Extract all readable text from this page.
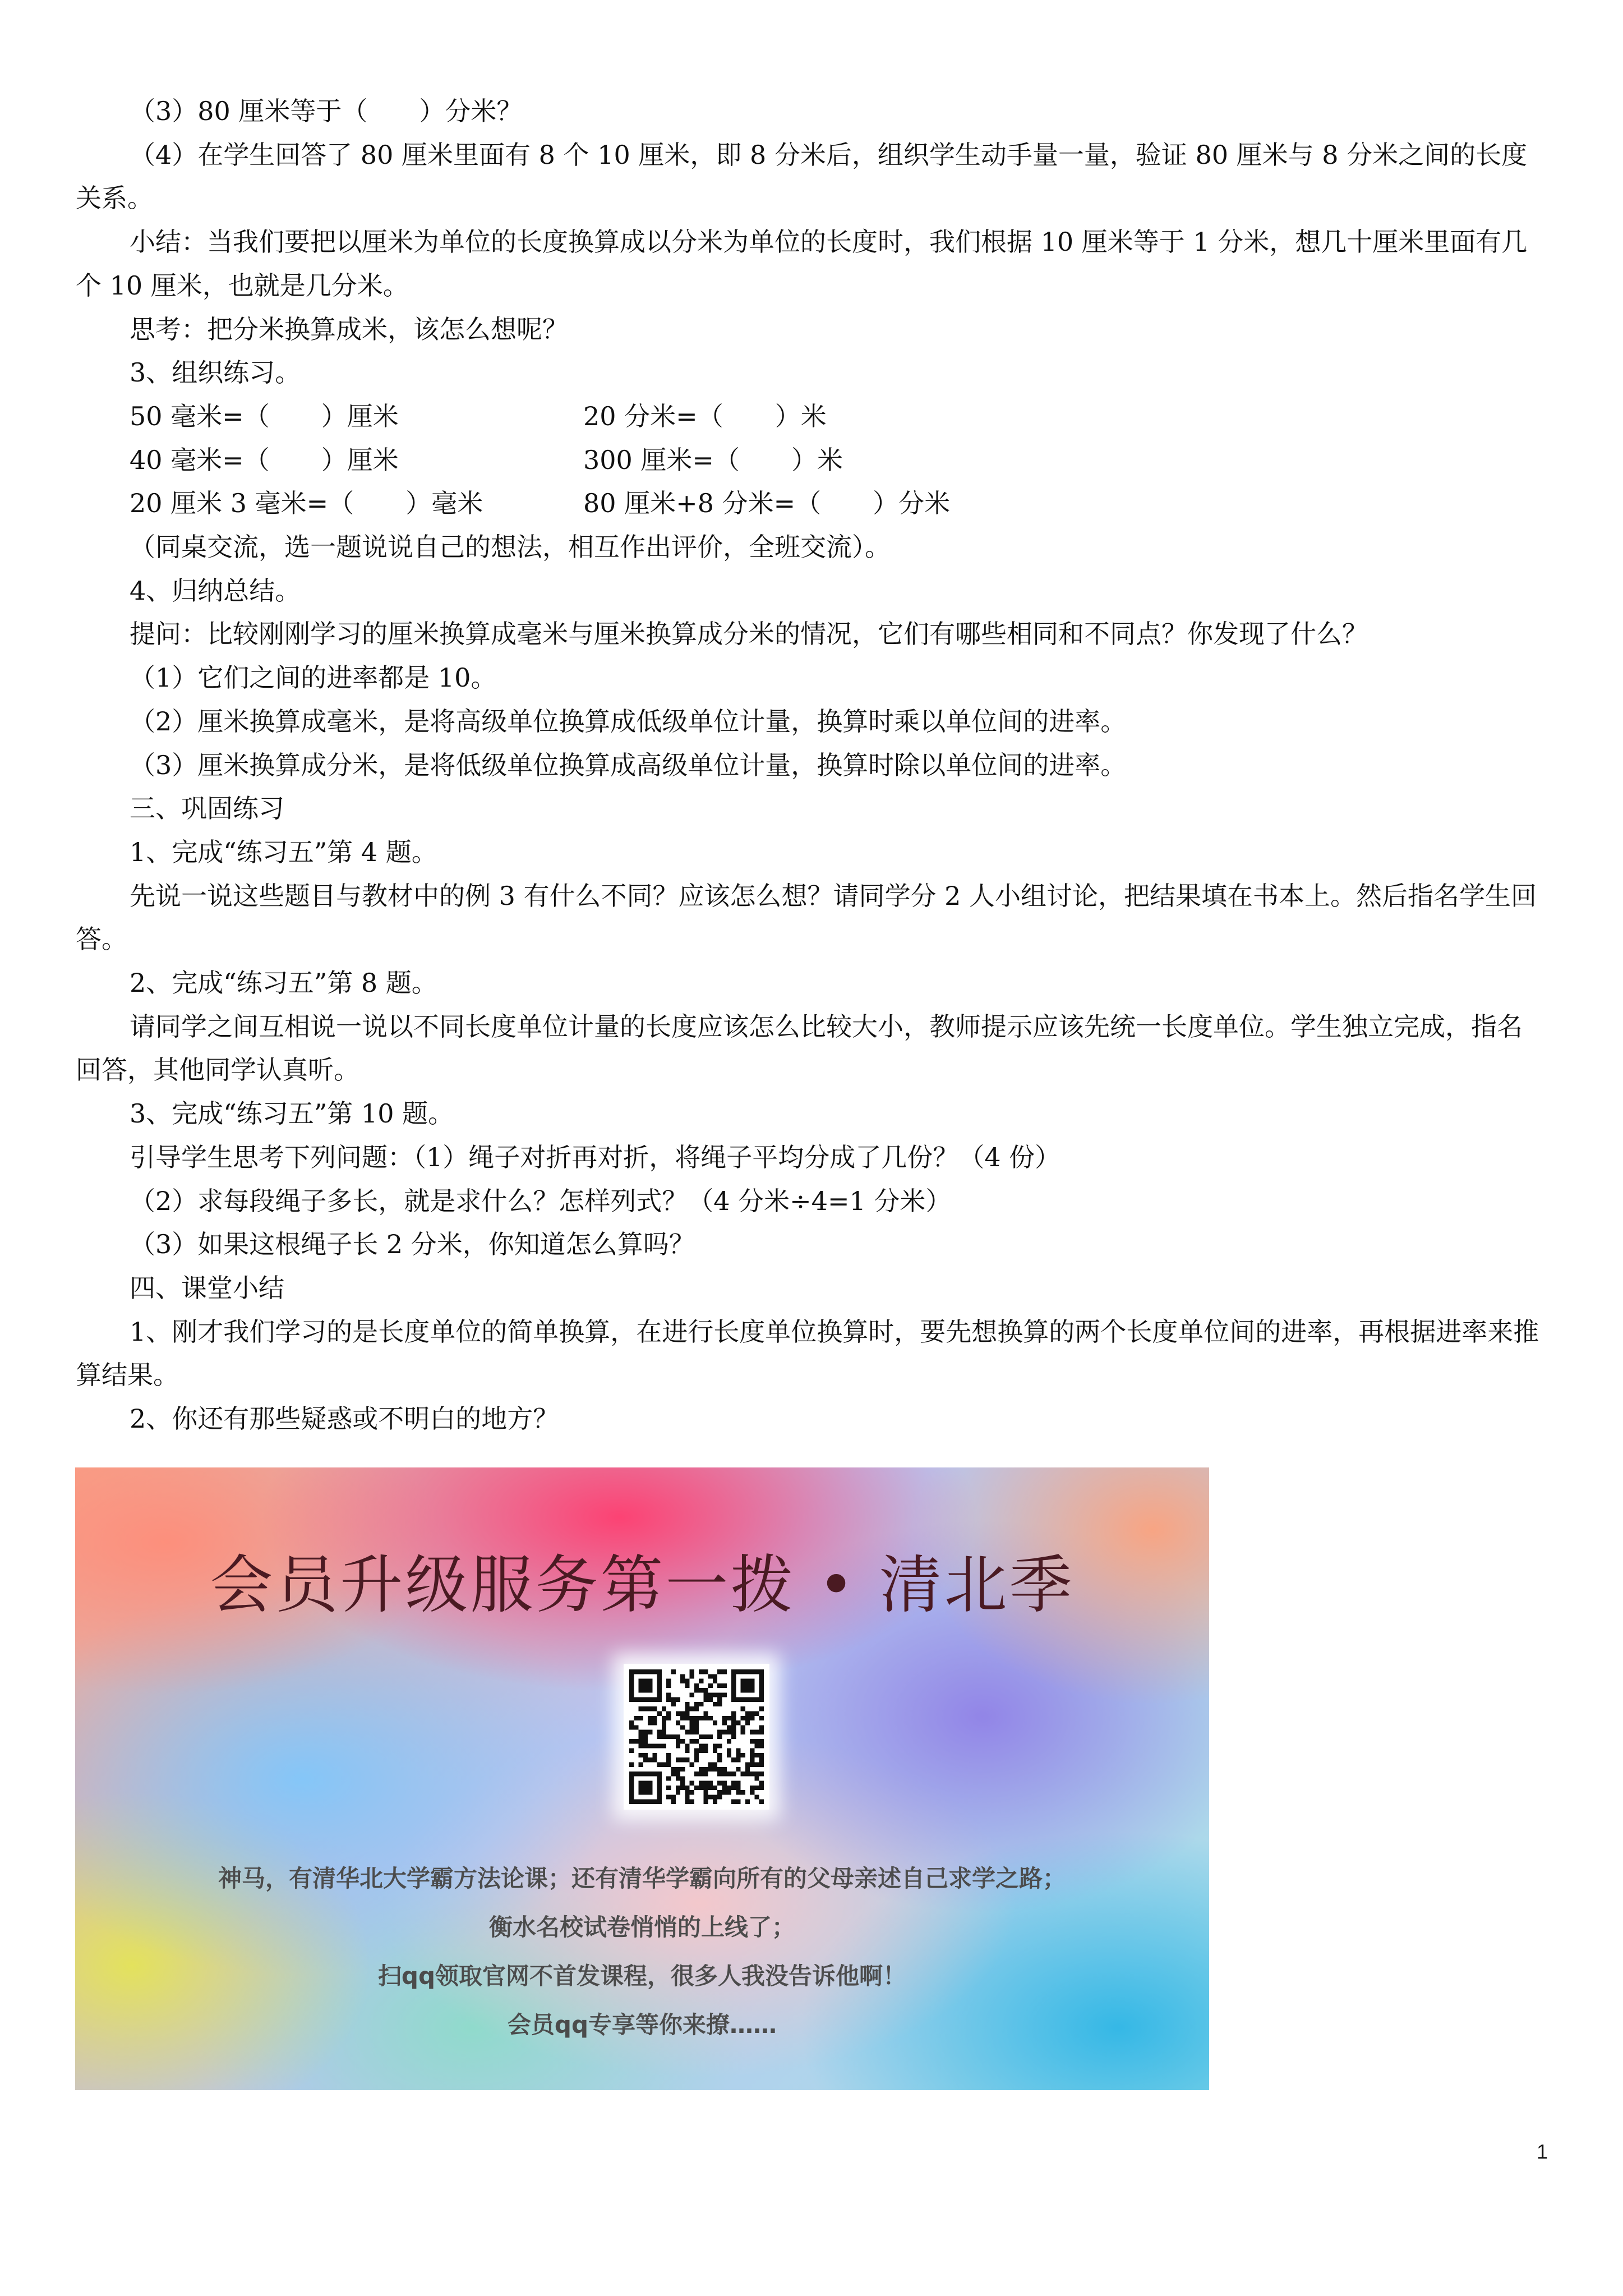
（3）80 厘米等于（　　）分米？

（4）在学生回答了 80 厘米里面有 8 个 10 厘米，即 8 分米后，组织学生动手量一量，验证 80 厘米与 8 分米之间的长度关系。

小结：当我们要把以厘米为单位的长度换算成以分米为单位的长度时，我们根据 10 厘米等于 1 分米，想几十厘米里面有几个 10 厘米，也就是几分米。

思考：把分米换算成米，该怎么想呢？

3、组织练习。

50 毫米=（　　）厘米	20 分米=（　　）米
40 毫米=（　　）厘米	300 厘米=（　　）米
20 厘米 3 毫米=（　　）毫米	80 厘米+8 分米=（　　）分米

（同桌交流，选一题说说自己的想法，相互作出评价，全班交流）。

4、归纳总结。

提问：比较刚刚学习的厘米换算成毫米与厘米换算成分米的情况，它们有哪些相同和不同点？你发现了什么？

（1）它们之间的进率都是 10。

（2）厘米换算成毫米，是将高级单位换算成低级单位计量，换算时乘以单位间的进率。

（3）厘米换算成分米，是将低级单位换算成高级单位计量，换算时除以单位间的进率。

三、巩固练习

1、完成“练习五”第 4 题。

先说一说这些题目与教材中的例 3 有什么不同？应该怎么想？请同学分 2 人小组讨论，把结果填在书本上。然后指名学生回答。

2、完成“练习五”第 8 题。

请同学之间互相说一说以不同长度单位计量的长度应该怎么比较大小，教师提示应该先统一长度单位。学生独立完成，指名回答，其他同学认真听。

3、完成“练习五”第 10 题。

引导学生思考下列问题：（1）绳子对折再对折，将绳子平均分成了几份？（4 份）

（2）求每段绳子多长，就是求什么？怎样列式？（4 分米÷4=1 分米）

（3）如果这根绳子长 2 分米，你知道怎么算吗？

四、课堂小结

1、刚才我们学习的是长度单位的简单换算，在进行长度单位换算时，要先想换算的两个长度单位间的进率，再根据进率来推算结果。

2、你还有那些疑惑或不明白的地方？

会员升级服务第一拨 • 清北季
神马，有清华北大学霸方法论课；还有清华学霸向所有的父母亲述自己求学之路；
衡水名校试卷悄悄的上线了；
扫qq领取官网不首发课程，很多人我没告诉他啊！
会员qq专享等你来撩……
1
